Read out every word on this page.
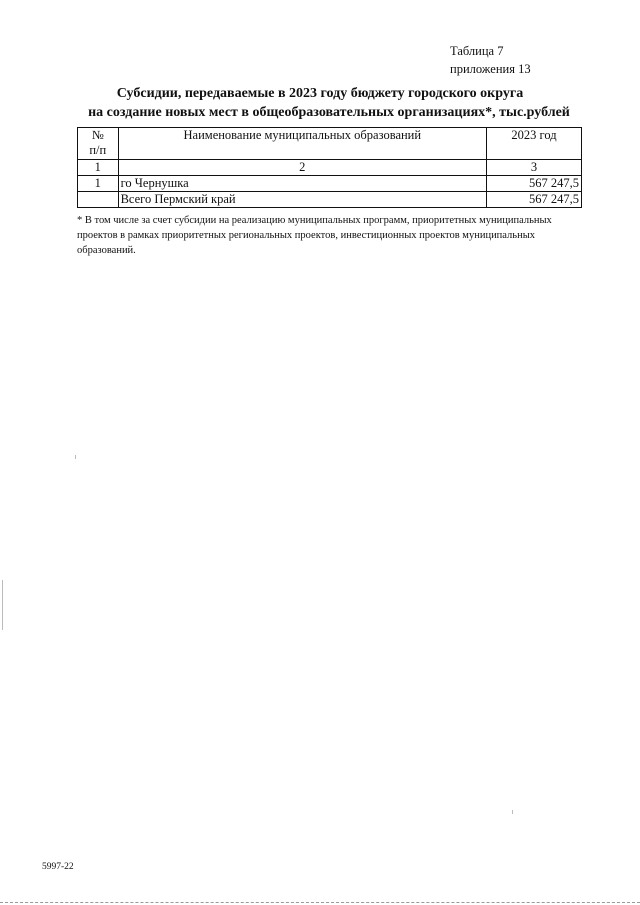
Таблица 7
приложения 13
Субсидии, передаваемые в 2023 году бюджету городского округа
на создание новых мест в общеобразовательных организациях*, тыс.рублей
№
п/п	Наименование муниципальных образований	2023 год
1	2	3
1	го Чернушка	567 247,5
	Всего Пермский край	567 247,5
* В том числе за счет субсидии на реализацию муниципальных программ, приоритетных муниципальных проектов в рамках приоритетных региональных проектов, инвестиционных проектов муниципальных образований.
5997-22
